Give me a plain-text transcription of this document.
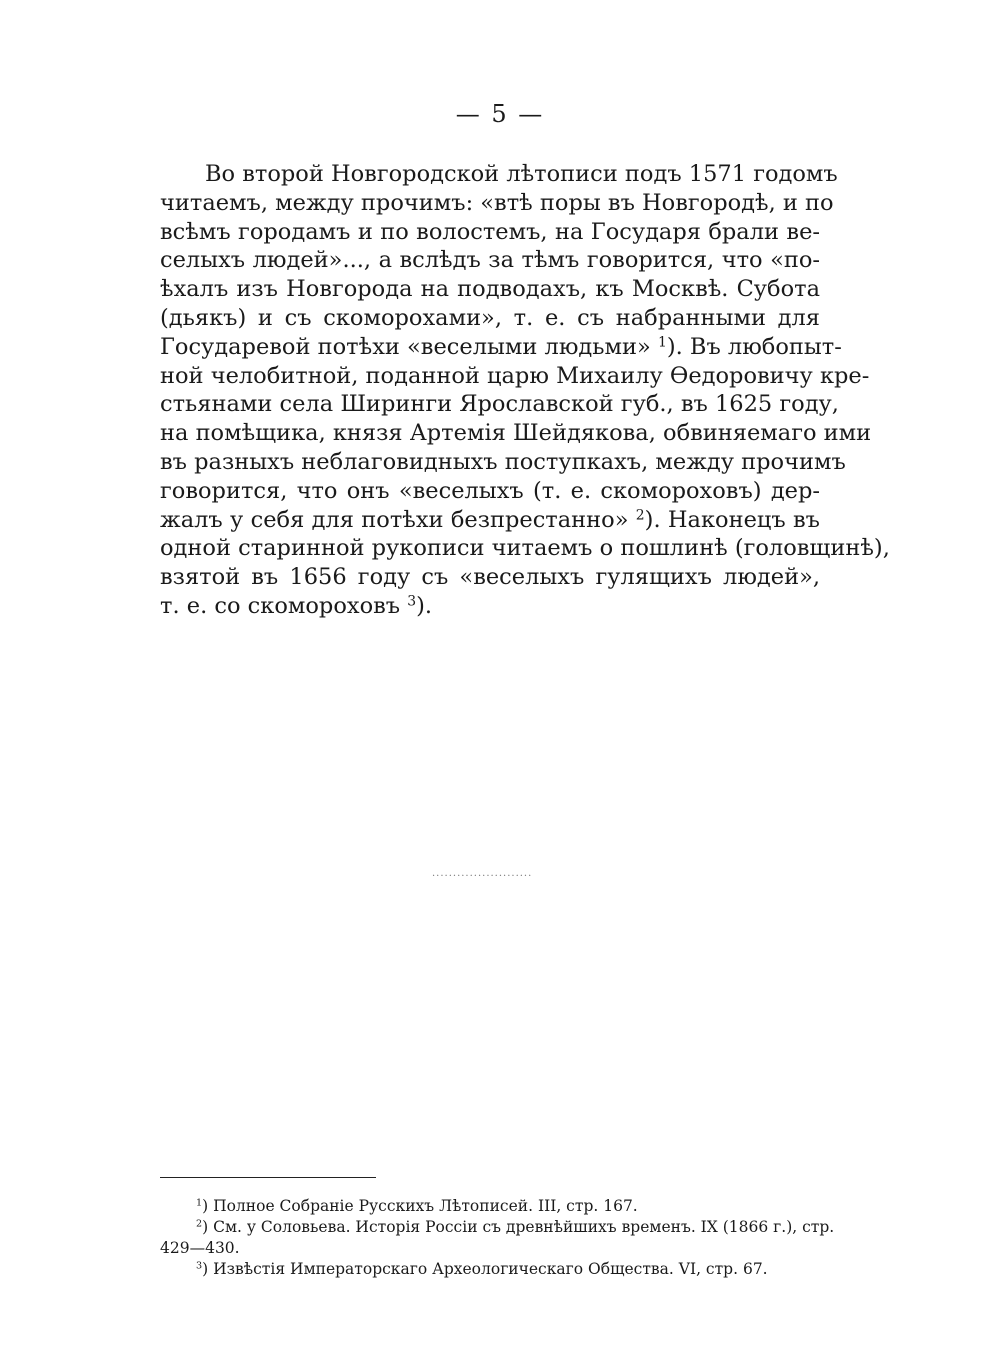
— 5 —
Во второй Новгородской лѣтописи подъ 1571 годомъ
читаемъ, между прочимъ: «втѣ поры въ Новгородѣ, и по
всѣмъ городамъ и по волостемъ, на Государя брали ве-
селыхъ людей»..., а вслѣдъ за тѣмъ говорится, что «по-
ѣхалъ изъ Новгорода на подводахъ, къ Москвѣ. Субота
(дьякъ) и съ скоморохами», т. е. съ набранными для
Государевой потѣхи «веселыми людьми» $^1$). Въ любопыт-
ной челобитной, поданной царю Михаилу Ѳедоровичу кре-
стьянами села Ширинги Ярославской губ., въ 1625 году,
на помѣщика, князя Артемія Шейдякова, обвиняемаго ими
въ разныхъ неблаговидныхъ поступкахъ, между прочимъ
говорится, что онъ «веселыхъ (т. е. скомороховъ) дер-
жалъ у себя для потѣхи безпрестанно» $^2$). Наконецъ въ
одной старинной рукописи читаемъ о пошлинѣ (головщинѣ),
взятой въ 1656 году съ «веселыхъ гулящихъ людей»,
т. е. со скомороховъ $^3$).
........................
$^1$) Полное Собраніе Русскихъ Лѣтописей. III, стр. 167.
$^2$) См. у Соловьева. Исторія Россіи съ древнѣйшихъ временъ. IX (1866 г.), стр.
429—430.
$^3$) Извѣстія Императорскаго Археологическаго Общества. VI, стр. 67.
